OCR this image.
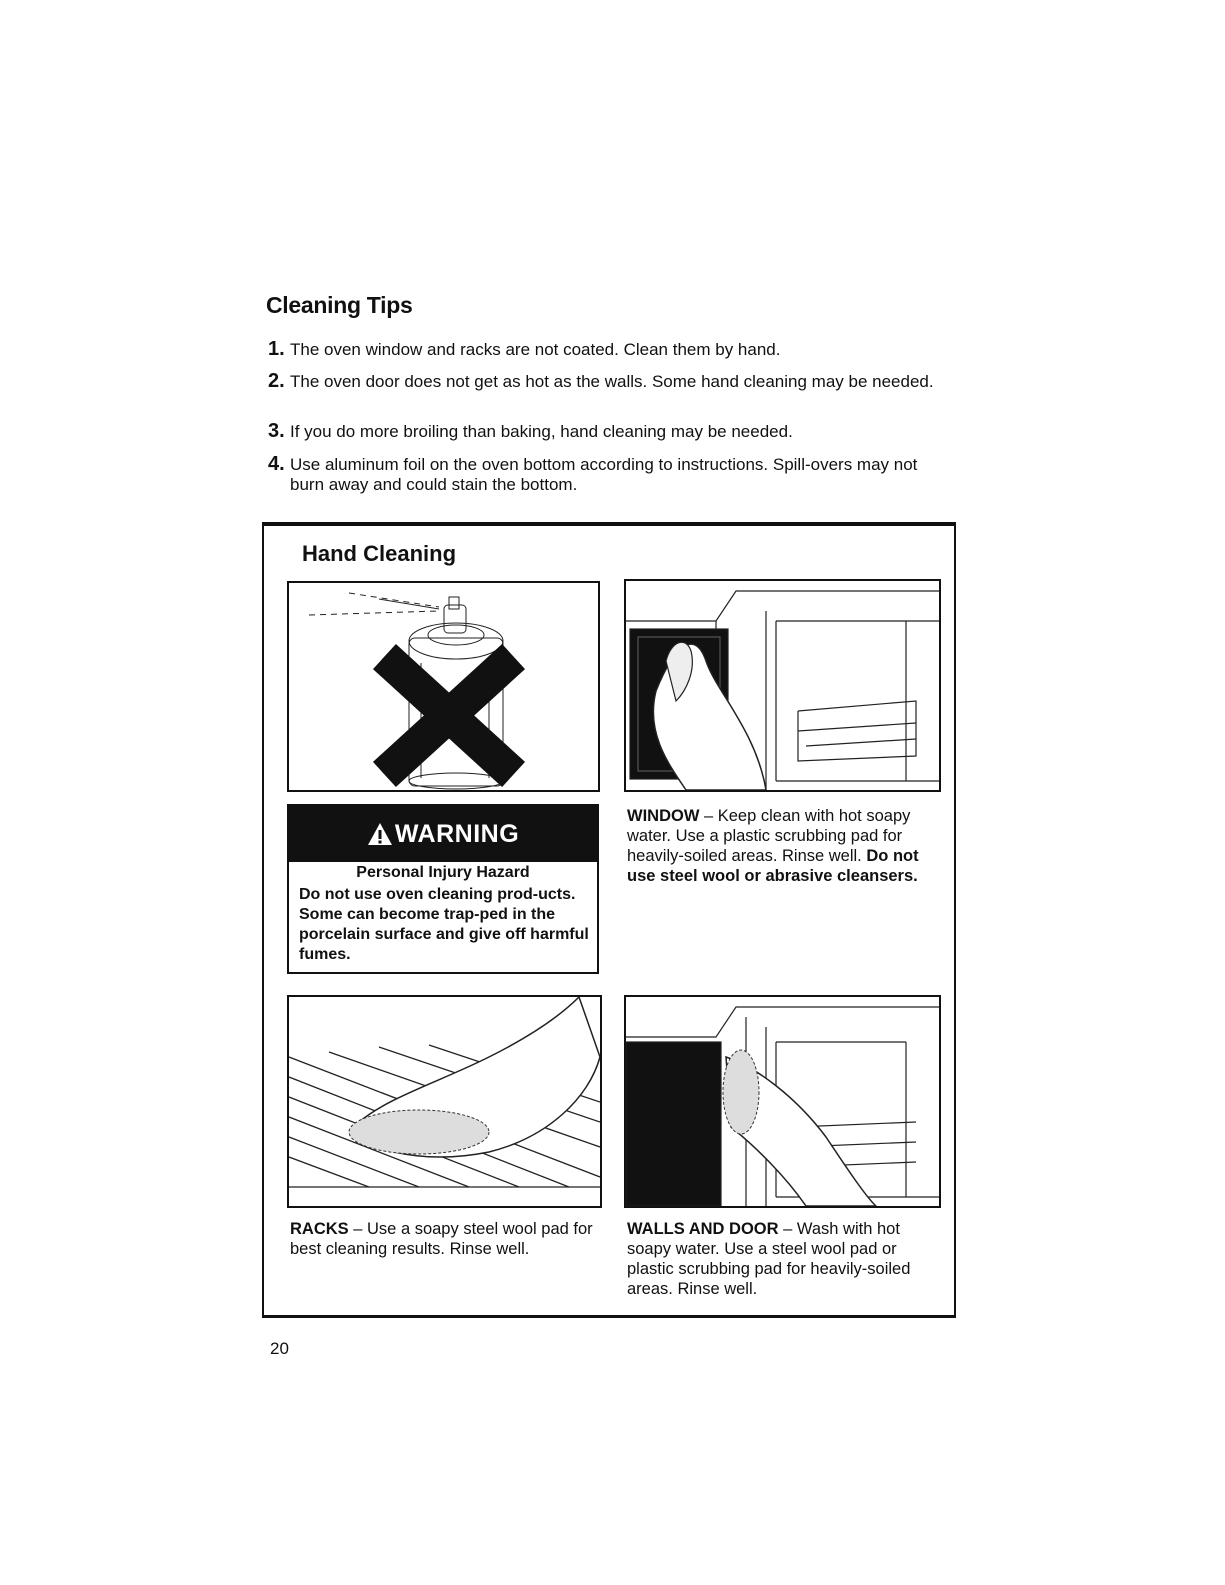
Cleaning Tips
1. The oven window and racks are not coated. Clean them by hand.
2. The oven door does not get as hot as the walls. Some hand cleaning may be needed.
3. If you do more broiling than baking, hand cleaning may be needed.
4. Use aluminum foil on the oven bottom according to instructions. Spill-overs may not burn away and could stain the bottom.
Hand Cleaning
WARNING
Personal Injury Hazard
Do not use oven cleaning prod-ucts. Some can become trap-ped in the porcelain surface and give off harmful fumes.
WINDOW – Keep clean with hot soapy water. Use a plastic scrubbing pad for heavily-soiled areas. Rinse well. Do not use steel wool or abrasive cleansers.
RACKS – Use a soapy steel wool pad for best cleaning results. Rinse well.
WALLS AND DOOR – Wash with hot soapy water. Use a steel wool pad or plastic scrubbing pad for heavily-soiled areas. Rinse well.
20
